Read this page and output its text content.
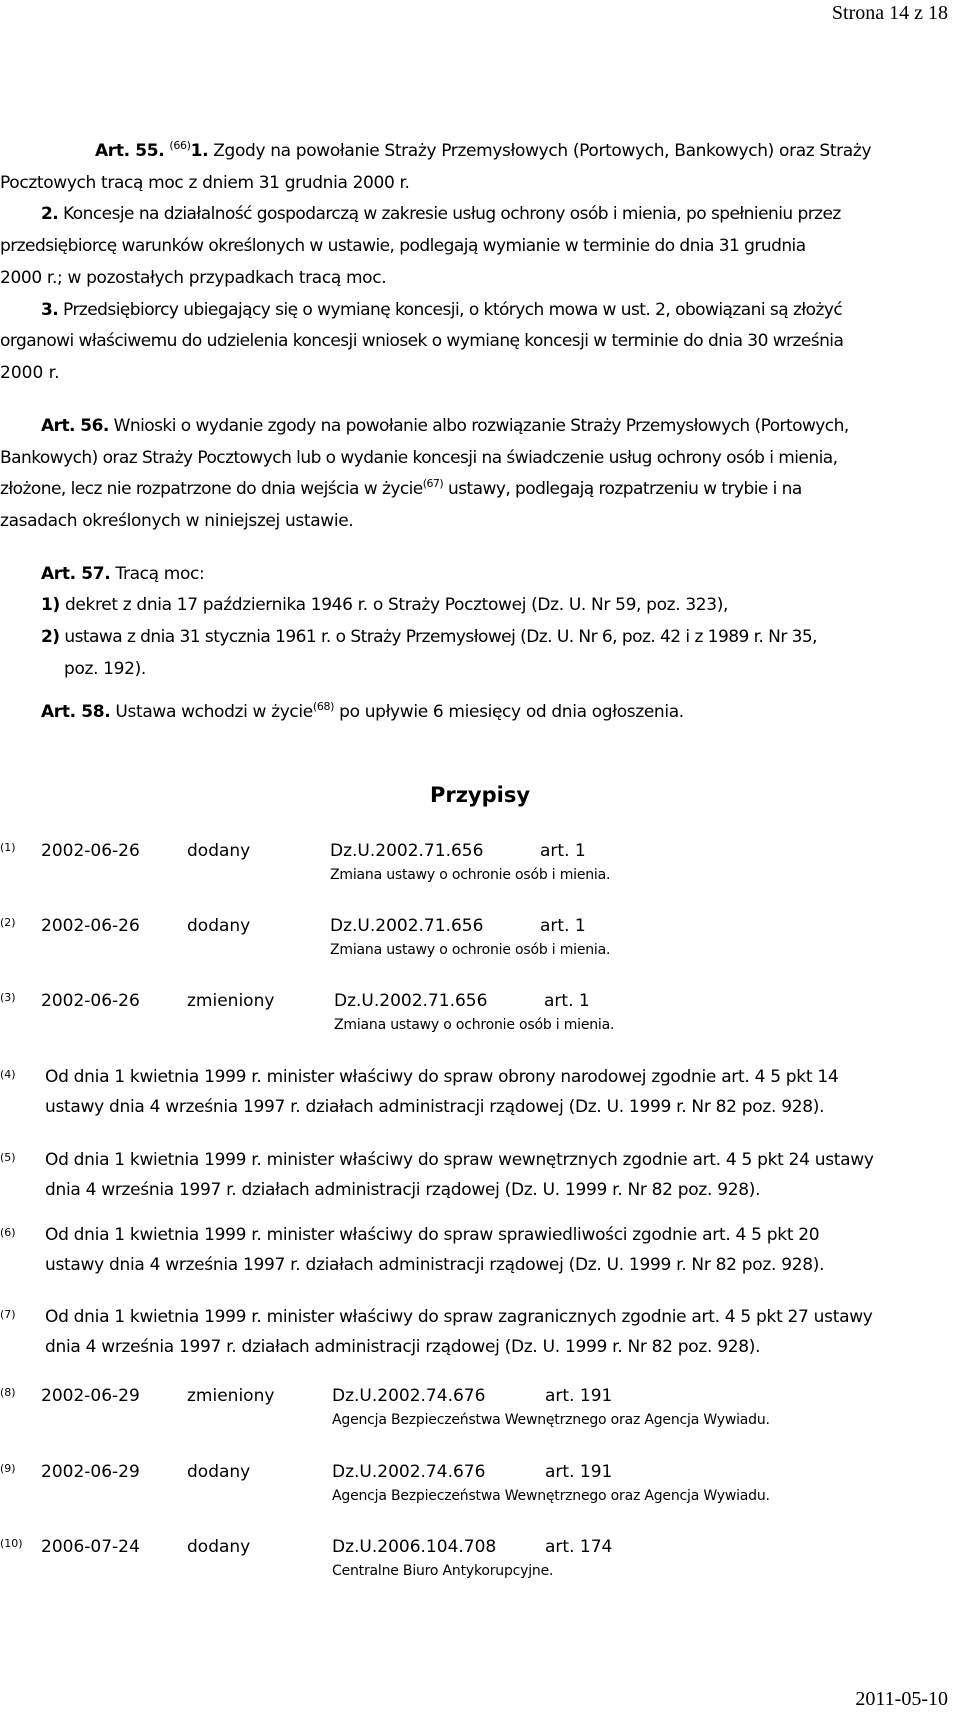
Strona 14 z 18
Art. 55. $^{(66)}$1. Zgody na powołanie Straży Przemysłowych (Portowych, Bankowych) oraz Straży
Pocztowych tracą moc z dniem 31 grudnia 2000 r.
2. Koncesje na działalność gospodarczą w zakresie usług ochrony osób i mienia, po spełnieniu przez
przedsiębiorcę warunków określonych w ustawie, podlegają wymianie w terminie do dnia 31 grudnia
2000 r.; w pozostałych przypadkach tracą moc.
3. Przedsiębiorcy ubiegający się o wymianę koncesji, o których mowa w ust. 2, obowiązani są złożyć
organowi właściwemu do udzielenia koncesji wniosek o wymianę koncesji w terminie do dnia 30 września
2000 r.
Art. 56. Wnioski o wydanie zgody na powołanie albo rozwiązanie Straży Przemysłowych (Portowych,
Bankowych) oraz Straży Pocztowych lub o wydanie koncesji na świadczenie usług ochrony osób i mienia,
złożone, lecz nie rozpatrzone do dnia wejścia w życie$^{(67)}$ ustawy, podlegają rozpatrzeniu w trybie i na
zasadach określonych w niniejszej ustawie.
Art. 57. Tracą moc:
1) dekret z dnia 17 października 1946 r. o Straży Pocztowej (Dz. U. Nr 59, poz. 323),
2) ustawa z dnia 31 stycznia 1961 r. o Straży Przemysłowej (Dz. U. Nr 6, poz. 42 i z 1989 r. Nr 35,
poz. 192).
Art. 58. Ustawa wchodzi w życie$^{(68)}$ po upływie 6 miesięcy od dnia ogłoszenia.
Przypisy
(1) 2002-06-26	dodany	Dz.U.2002.71.656	art. 1
Zmiana ustawy o ochronie osób i mienia.
(2) 2002-06-26	dodany	Dz.U.2002.71.656	art. 1
Zmiana ustawy o ochronie osób i mienia.
(3) 2002-06-26	zmieniony	Dz.U.2002.71.656	art. 1
Zmiana ustawy o ochronie osób i mienia.
(4) Od dnia 1 kwietnia 1999 r. minister właściwy do spraw obrony narodowej zgodnie art. 4 5 pkt 14
ustawy dnia 4 września 1997 r. działach administracji rządowej (Dz. U. 1999 r. Nr 82 poz. 928).
(5) Od dnia 1 kwietnia 1999 r. minister właściwy do spraw wewnętrznych zgodnie art. 4 5 pkt 24 ustawy
dnia 4 września 1997 r. działach administracji rządowej (Dz. U. 1999 r. Nr 82 poz. 928).
(6) Od dnia 1 kwietnia 1999 r. minister właściwy do spraw sprawiedliwości zgodnie art. 4 5 pkt 20
ustawy dnia 4 września 1997 r. działach administracji rządowej (Dz. U. 1999 r. Nr 82 poz. 928).
(7) Od dnia 1 kwietnia 1999 r. minister właściwy do spraw zagranicznych zgodnie art. 4 5 pkt 27 ustawy
dnia 4 września 1997 r. działach administracji rządowej (Dz. U. 1999 r. Nr 82 poz. 928).
(8) 2002-06-29	zmieniony	Dz.U.2002.74.676	art. 191
Agencja Bezpieczeństwa Wewnętrznego oraz Agencja Wywiadu.
(9) 2002-06-29	dodany	Dz.U.2002.74.676	art. 191
Agencja Bezpieczeństwa Wewnętrznego oraz Agencja Wywiadu.
(10) 2006-07-24	dodany	Dz.U.2006.104.708	art. 174
Centralne Biuro Antykorupcyjne.
2011-05-10
